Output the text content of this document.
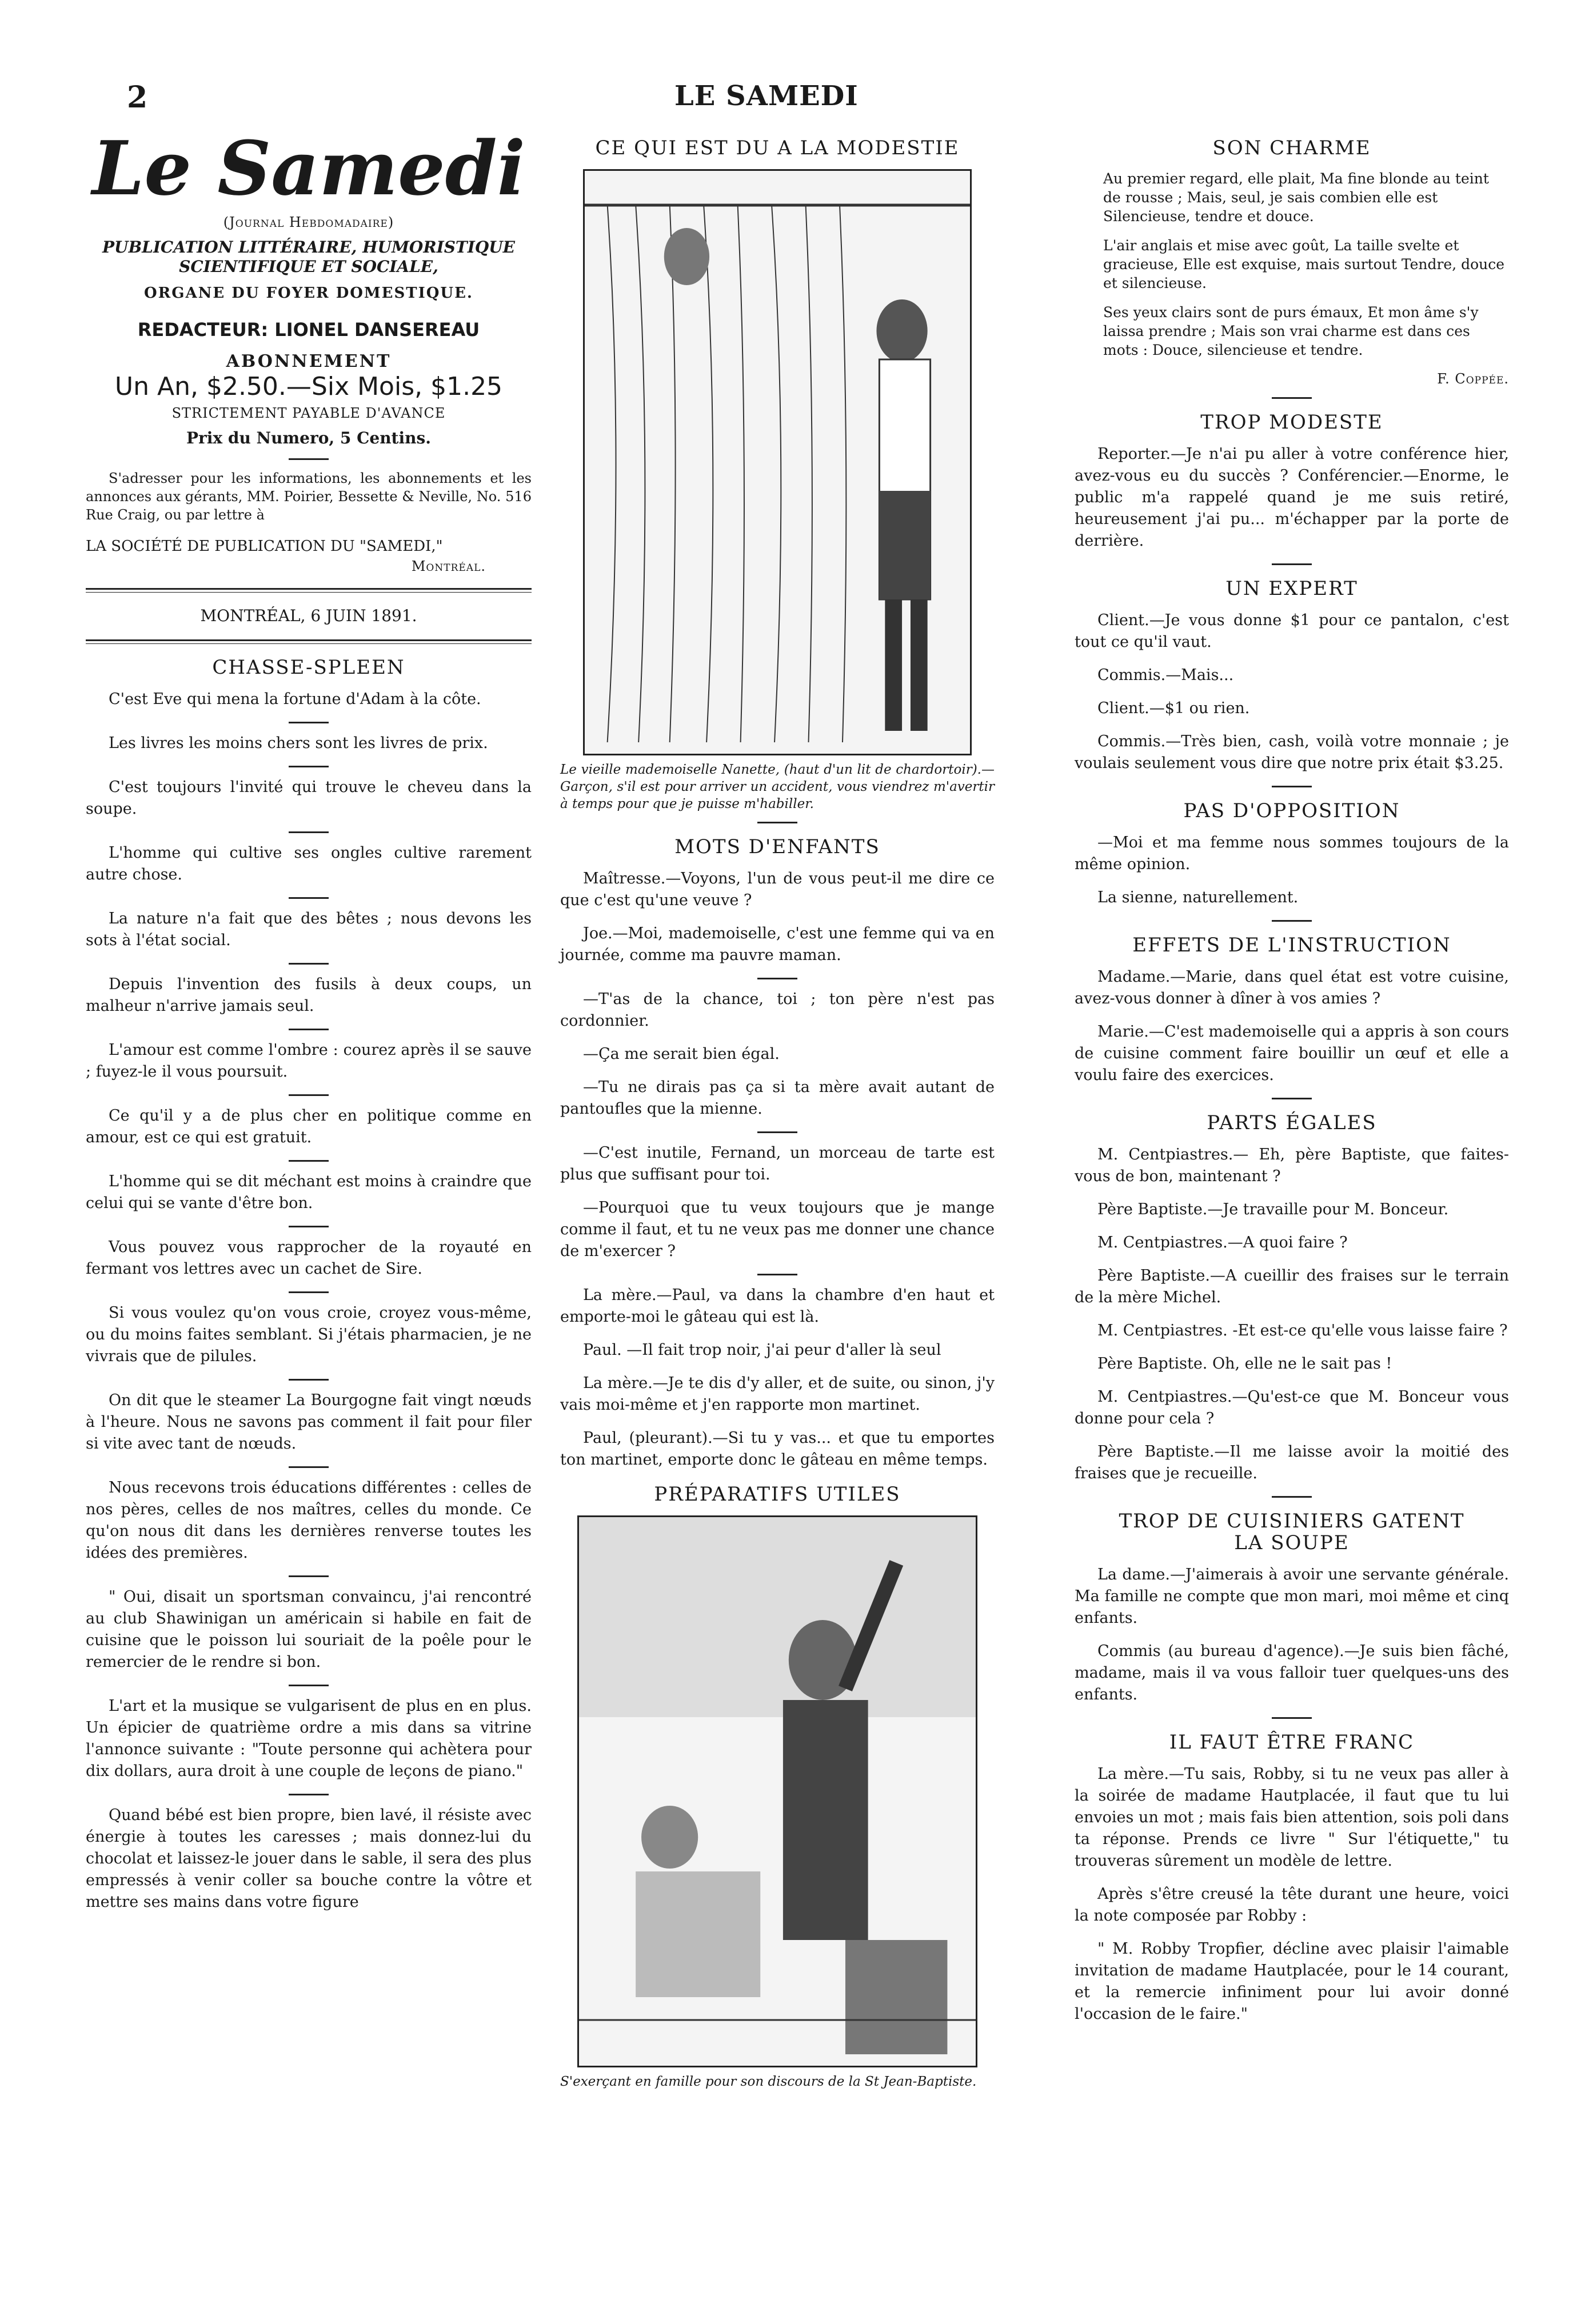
2	LE SAMEDI
Le Samedi
(Journal Hebdomadaire)
PUBLICATION LITTÉRAIRE, HUMORISTIQUE
SCIENTIFIQUE ET SOCIALE,
ORGANE DU FOYER DOMESTIQUE.
REDACTEUR: LIONEL DANSEREAU
ABONNEMENT
Un An, $2.50.—Six Mois, $1.25
STRICTEMENT PAYABLE D'AVANCE
Prix du Numero, 5 Centins.

S'adresser pour les informations, les abonnements et les annonces aux gérants, MM. Poirier, Bessette & Neville, No. 516 Rue Craig, ou par lettre à

LA SOCIÉTÉ DE PUBLICATION DU "SAMEDI,"
Montréal.
MONTRÉAL, 6 JUIN 1891.
CHASSE-SPLEEN

C'est Eve qui mena la fortune d'Adam à la côte.

Les livres les moins chers sont les livres de prix.

C'est toujours l'invité qui trouve le cheveu dans la soupe.

L'homme qui cultive ses ongles cultive rarement autre chose.

La nature n'a fait que des bêtes ; nous devons les sots à l'état social.

Depuis l'invention des fusils à deux coups, un malheur n'arrive jamais seul.

L'amour est comme l'ombre : courez après il se sauve ; fuyez-le il vous poursuit.

Ce qu'il y a de plus cher en politique comme en amour, est ce qui est gratuit.

L'homme qui se dit méchant est moins à craindre que celui qui se vante d'être bon.

Vous pouvez vous rapprocher de la royauté en fermant vos lettres avec un cachet de Sire.

Si vous voulez qu'on vous croie, croyez vous-même, ou du moins faites semblant. Si j'étais pharmacien, je ne vivrais que de pilules.

On dit que le steamer La Bourgogne fait vingt nœuds à l'heure. Nous ne savons pas comment il fait pour filer si vite avec tant de nœuds.

Nous recevons trois éducations différentes : celles de nos pères, celles de nos maîtres, celles du monde. Ce qu'on nous dit dans les dernières renverse toutes les idées des premières.

" Oui, disait un sportsman convaincu, j'ai rencontré au club Shawinigan un américain si habile en fait de cuisine que le poisson lui souriait de la poêle pour le remercier de le rendre si bon.

L'art et la musique se vulgarisent de plus en en plus. Un épicier de quatrième ordre a mis dans sa vitrine l'annonce suivante : "Toute personne qui achètera pour dix dollars, aura droit à une couple de leçons de piano."

Quand bébé est bien propre, bien lavé, il résiste avec énergie à toutes les caresses ; mais donnez-lui du chocolat et laissez-le jouer dans le sable, il sera des plus empressés à venir coller sa bouche contre la vôtre et mettre ses mains dans votre figure

CE QUI EST DU A LA MODESTIE
Le vieille mademoiselle Nanette, (haut d'un lit de chardortoir).—Garçon, s'il est pour arriver un accident, vous viendrez m'avertir à temps pour que je puisse m'habiller.
MOTS D'ENFANTS

Maîtresse.—Voyons, l'un de vous peut-il me dire ce que c'est qu'une veuve ?

Joe.—Moi, mademoiselle, c'est une femme qui va en journée, comme ma pauvre maman.

—T'as de la chance, toi ; ton père n'est pas cordonnier.

—Ça me serait bien égal.

—Tu ne dirais pas ça si ta mère avait autant de pantoufles que la mienne.

—C'est inutile, Fernand, un morceau de tarte est plus que suffisant pour toi.

—Pourquoi que tu veux toujours que je mange comme il faut, et tu ne veux pas me donner une chance de m'exercer ?

La mère.—Paul, va dans la chambre d'en haut et emporte-moi le gâteau qui est là.

Paul. —Il fait trop noir, j'ai peur d'aller là seul

La mère.—Je te dis d'y aller, et de suite, ou sinon, j'y vais moi-même et j'en rapporte mon martinet.

Paul, (pleurant).—Si tu y vas... et que tu emportes ton martinet, emporte donc le gâteau en même temps.

PRÉPARATIFS UTILES
S'exerçant en famille pour son discours de la St Jean-Baptiste.
SON CHARME
Au premier regard, elle plait, Ma fine blonde au teint de rousse ; Mais, seul, je sais combien elle est Silencieuse, tendre et douce.
L'air anglais et mise avec goût, La taille svelte et gracieuse, Elle est exquise, mais surtout Tendre, douce et silencieuse.
Ses yeux clairs sont de purs émaux, Et mon âme s'y laissa prendre ; Mais son vrai charme est dans ces mots : Douce, silencieuse et tendre.
F. Coppée.
TROP MODESTE

Reporter.—Je n'ai pu aller à votre conférence hier, avez-vous eu du succès ? Conférencier.—Enorme, le public m'a rappelé quand je me suis retiré, heureusement j'ai pu... m'échapper par la porte de derrière.

UN EXPERT

Client.—Je vous donne $1 pour ce pantalon, c'est tout ce qu'il vaut.

Commis.—Mais...

Client.—$1 ou rien.

Commis.—Très bien, cash, voilà votre monnaie ; je voulais seulement vous dire que notre prix était $3.25.

PAS D'OPPOSITION

—Moi et ma femme nous sommes toujours de la même opinion.

La sienne, naturellement.

EFFETS DE L'INSTRUCTION

Madame.—Marie, dans quel état est votre cuisine, avez-vous donner à dîner à vos amies ?

Marie.—C'est mademoiselle qui a appris à son cours de cuisine comment faire bouillir un œuf et elle a voulu faire des exercices.

PARTS ÉGALES

M. Centpiastres.— Eh, père Baptiste, que faites-vous de bon, maintenant ?

Père Baptiste.—Je travaille pour M. Bonceur.

M. Centpiastres.—A quoi faire ?

Père Baptiste.—A cueillir des fraises sur le terrain de la mère Michel.

M. Centpiastres. -Et est-ce qu'elle vous laisse faire ?

Père Baptiste. Oh, elle ne le sait pas !

M. Centpiastres.—Qu'est-ce que M. Bonceur vous donne pour cela ?

Père Baptiste.—Il me laisse avoir la moitié des fraises que je recueille.

TROP DE CUISINIERS GATENT
LA SOUPE

La dame.—J'aimerais à avoir une servante générale. Ma famille ne compte que mon mari, moi même et cinq enfants.

Commis (au bureau d'agence).—Je suis bien fâché, madame, mais il va vous falloir tuer quelques-uns des enfants.

IL FAUT ÊTRE FRANC

La mère.—Tu sais, Robby, si tu ne veux pas aller à la soirée de madame Hautplacée, il faut que tu lui envoies un mot ; mais fais bien attention, sois poli dans ta réponse. Prends ce livre " Sur l'étiquette," tu trouveras sûrement un modèle de lettre.

Après s'être creusé la tête durant une heure, voici la note composée par Robby :

" M. Robby Tropfier, décline avec plaisir l'aimable invitation de madame Hautplacée, pour le 14 courant, et la remercie infiniment pour lui avoir donné l'occasion de le faire."
